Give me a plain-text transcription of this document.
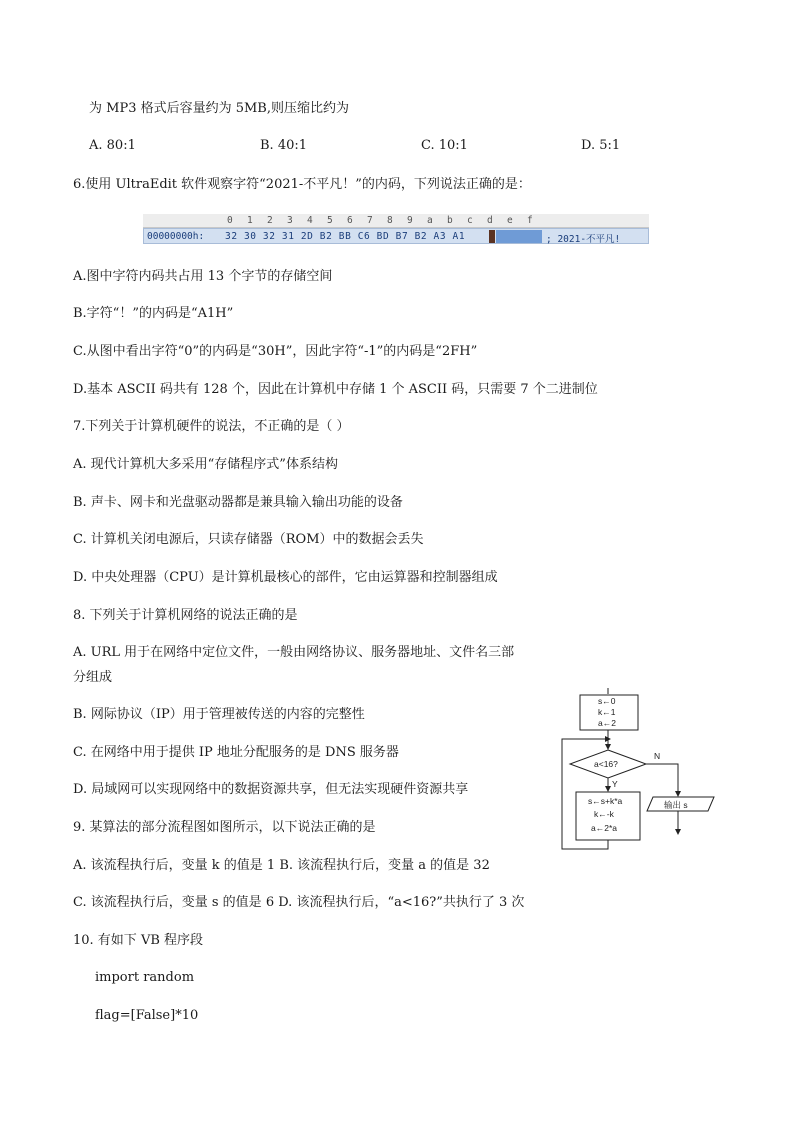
为 MP3 格式后容量约为 5MB,则压缩比约为
A. 80:1	B. 40:1	C. 10:1	D. 5:1
6.使用 UltraEdit 软件观察字符“2021-不平凡！”的内码，下列说法正确的是：
0 1 2 3 4 5 6 7 8 9 a b c d e f
00000000h: 32 30 32 31 2D B2 BB C6 BD B7 B2 A3 A1	; 2021-不平凡!
A.图中字符内码共占用 13 个字节的存储空间
B.字符“！”的内码是“A1H”
C.从图中看出字符“0”的内码是“30H”，因此字符“-1”的内码是“2FH”
D.基本 ASCII 码共有 128 个，因此在计算机中存储 1 个 ASCII 码，只需要 7 个二进制位
7.下列关于计算机硬件的说法，不正确的是（ ）
A. 现代计算机大多采用“存储程序式”体系结构
B. 声卡、网卡和光盘驱动器都是兼具输入输出功能的设备
C. 计算机关闭电源后，只读存储器（ROM）中的数据会丢失
D. 中央处理器（CPU）是计算机最核心的部件，它由运算器和控制器组成
8. 下列关于计算机网络的说法正确的是
A. URL 用于在网络中定位文件，一般由网络协议、服务器地址、文件名三部
分组成
B. 网际协议（IP）用于管理被传送的内容的完整性
C. 在网络中用于提供 IP 地址分配服务的是 DNS 服务器
D. 局域网可以实现网络中的数据资源共享，但无法实现硬件资源共享
9. 某算法的部分流程图如图所示，以下说法正确的是
A. 该流程执行后，变量 k 的值是 1 B. 该流程执行后，变量 a 的值是 32
C. 该流程执行后，变量 s 的值是 6 D. 该流程执行后，“a<16?”共执行了 3 次
s←0
k←1
a←2
a<16?
Y
N
s←s+k*a
k←-k
a←2*a
输出 s
10. 有如下 VB 程序段
import random
flag=[False]*10
